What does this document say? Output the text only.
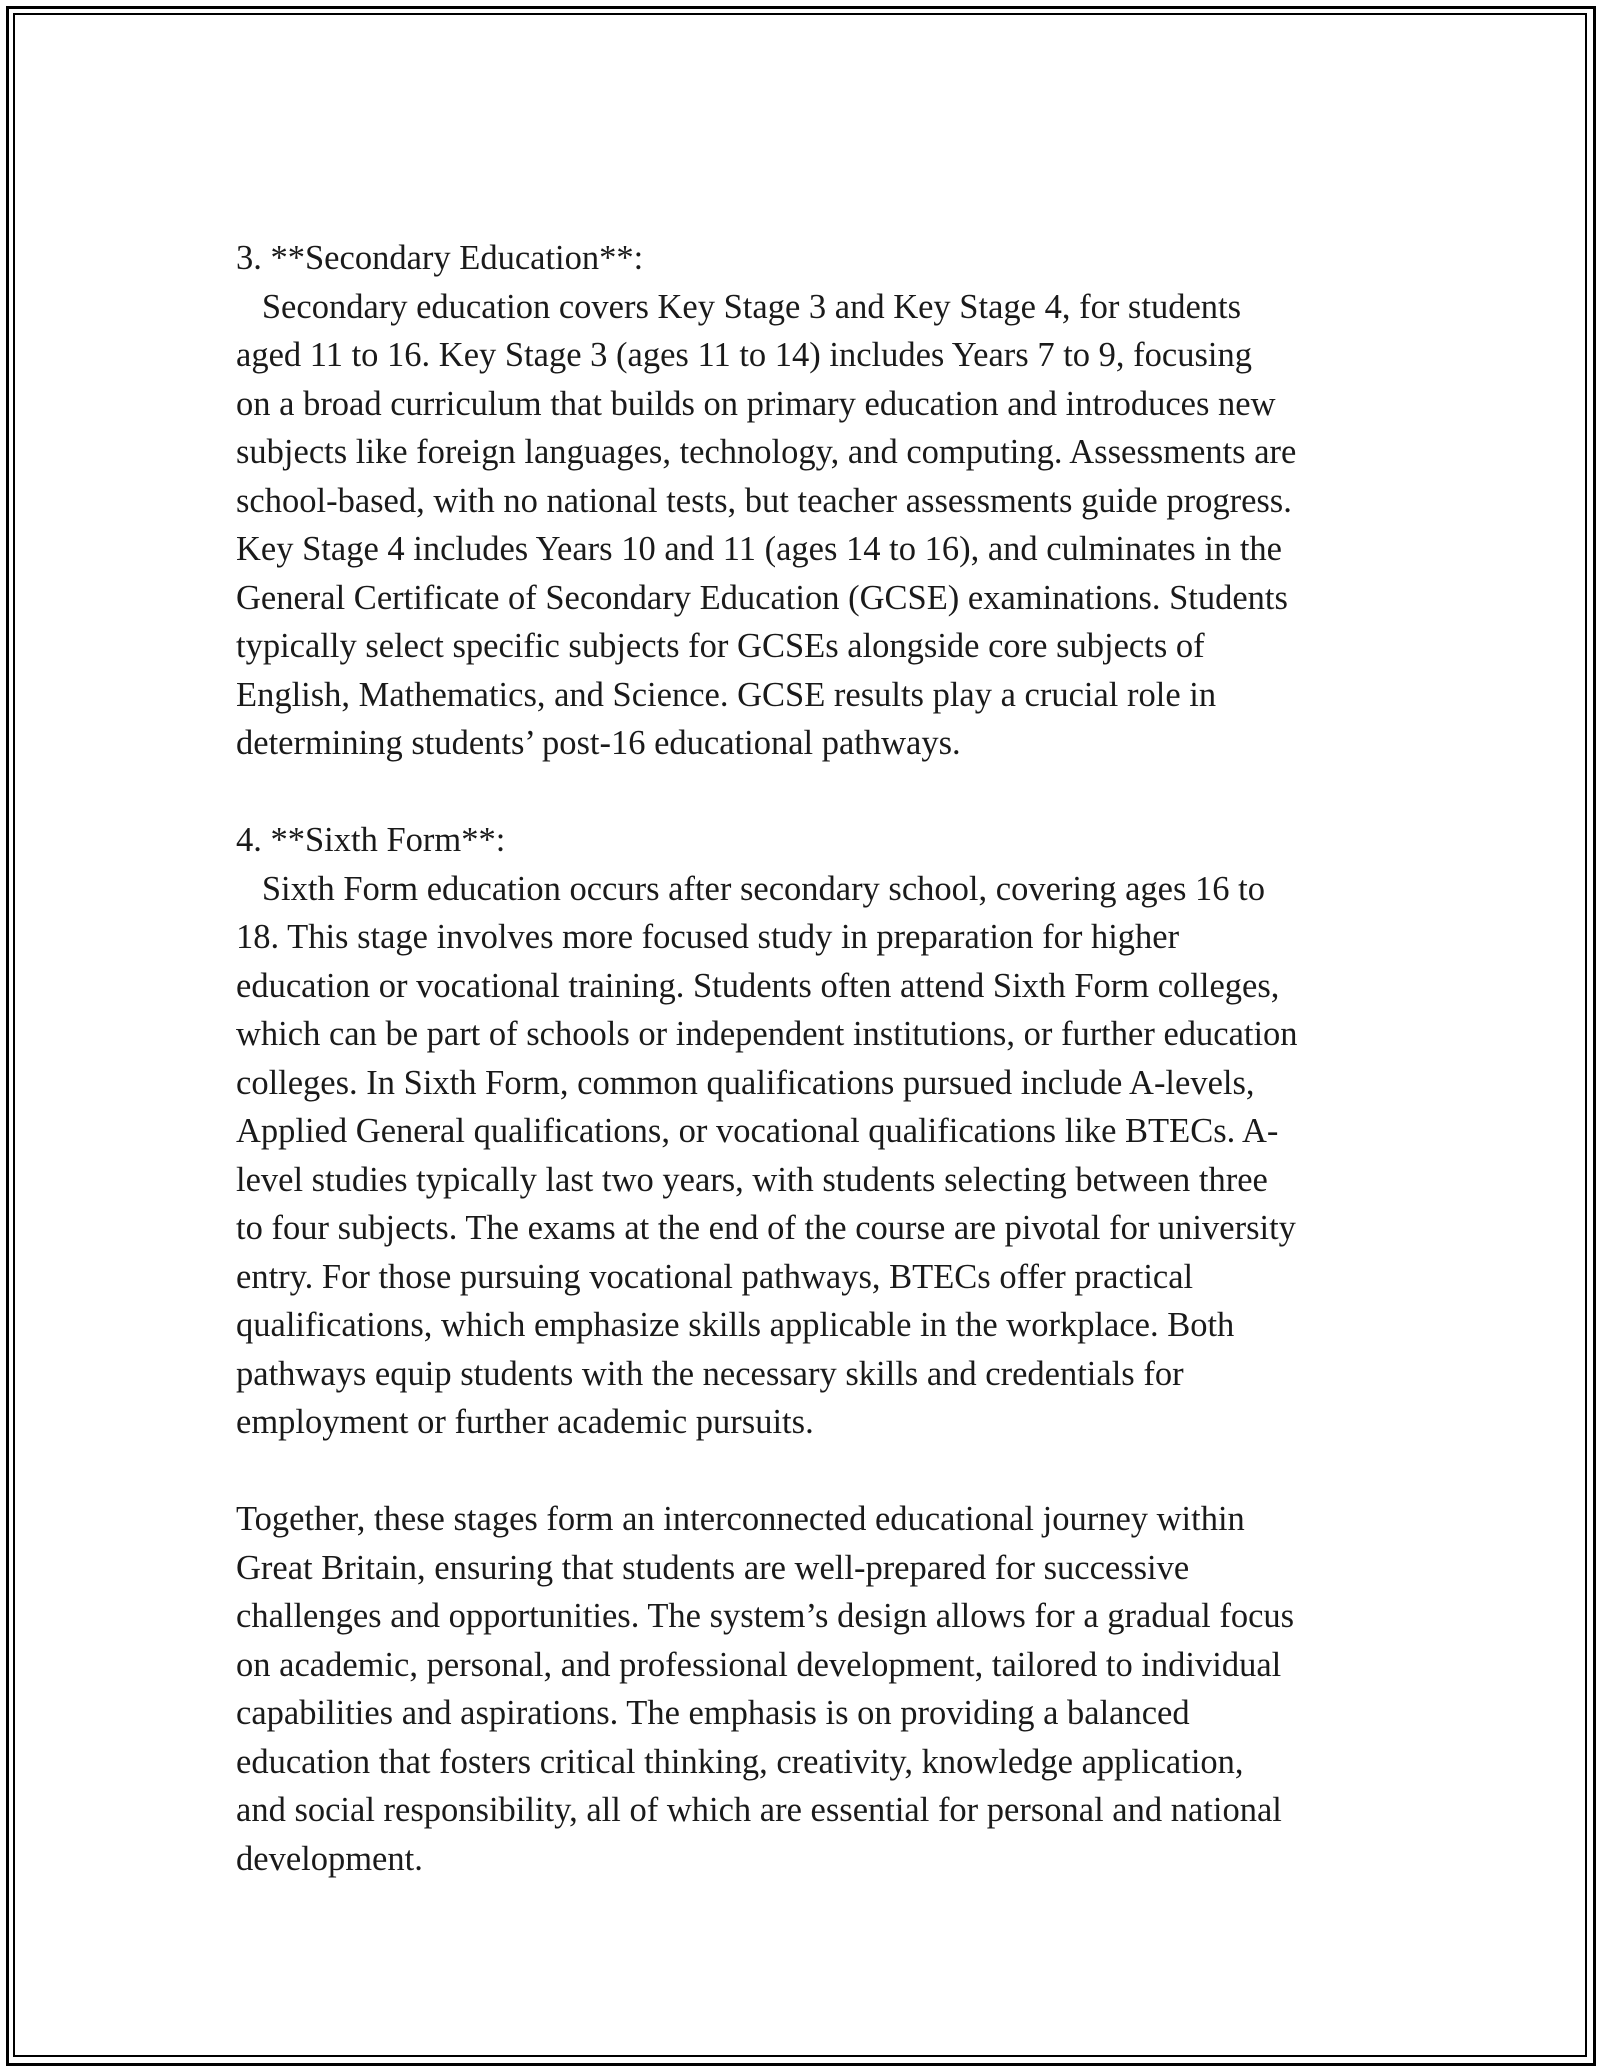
3. **Secondary Education**:
Secondary education covers Key Stage 3 and Key Stage 4, for students
aged 11 to 16. Key Stage 3 (ages 11 to 14) includes Years 7 to 9, focusing
on a broad curriculum that builds on primary education and introduces new
subjects like foreign languages, technology, and computing. Assessments are
school-based, with no national tests, but teacher assessments guide progress.
Key Stage 4 includes Years 10 and 11 (ages 14 to 16), and culminates in the
General Certificate of Secondary Education (GCSE) examinations. Students
typically select specific subjects for GCSEs alongside core subjects of
English, Mathematics, and Science. GCSE results play a crucial role in
determining students’ post-16 educational pathways.
4. **Sixth Form**:
Sixth Form education occurs after secondary school, covering ages 16 to
18. This stage involves more focused study in preparation for higher
education or vocational training. Students often attend Sixth Form colleges,
which can be part of schools or independent institutions, or further education
colleges. In Sixth Form, common qualifications pursued include A-levels,
Applied General qualifications, or vocational qualifications like BTECs. A-
level studies typically last two years, with students selecting between three
to four subjects. The exams at the end of the course are pivotal for university
entry. For those pursuing vocational pathways, BTECs offer practical
qualifications, which emphasize skills applicable in the workplace. Both
pathways equip students with the necessary skills and credentials for
employment or further academic pursuits.
Together, these stages form an interconnected educational journey within
Great Britain, ensuring that students are well-prepared for successive
challenges and opportunities. The system’s design allows for a gradual focus
on academic, personal, and professional development, tailored to individual
capabilities and aspirations. The emphasis is on providing a balanced
education that fosters critical thinking, creativity, knowledge application,
and social responsibility, all of which are essential for personal and national
development.
